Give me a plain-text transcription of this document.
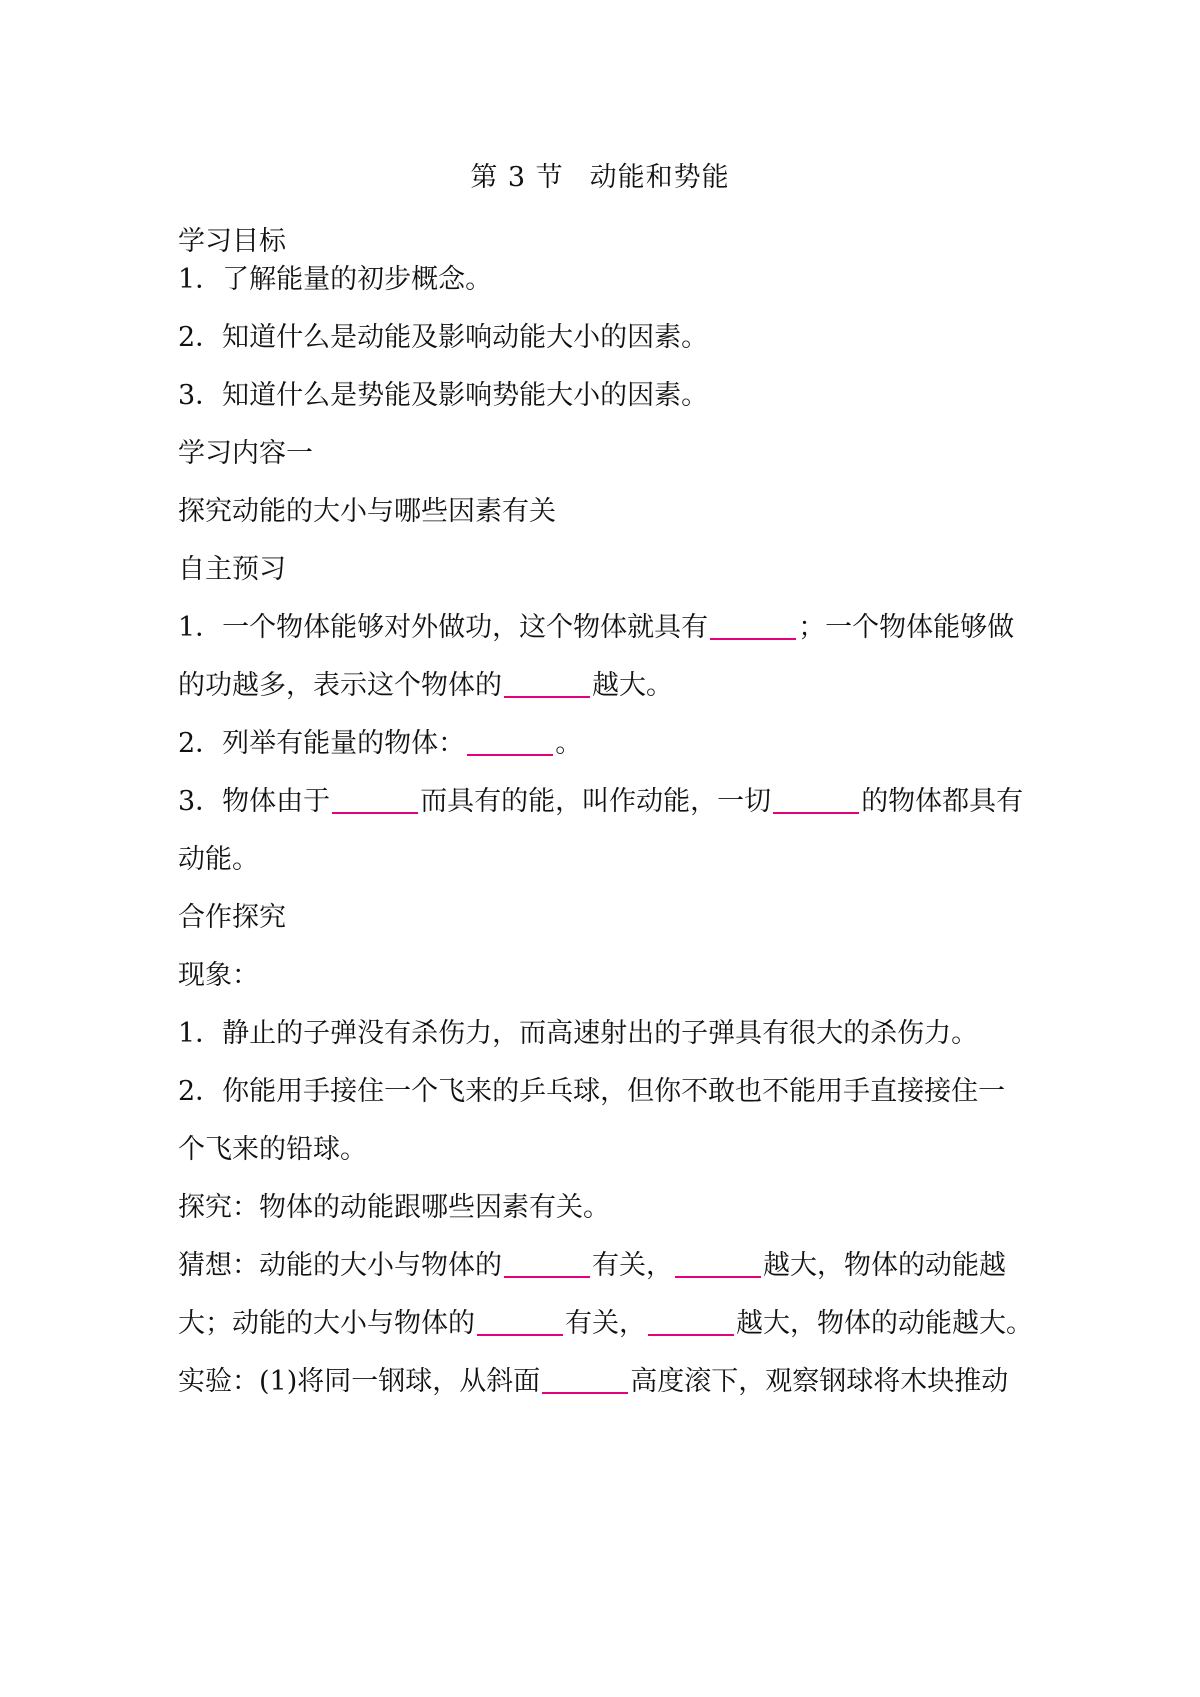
第 3 节 动能和势能
学习目标
1．了解能量的初步概念。
2．知道什么是动能及影响动能大小的因素。
3．知道什么是势能及影响势能大小的因素。
学习内容一
探究动能的大小与哪些因素有关
自主预习
1．一个物体能够对外做功，这个物体就具有	；一个物体能够做
的功越多，表示这个物体的	越大。
2．列举有能量的物体：	。
3．物体由于	而具有的能，叫作动能，一切	的物体都具有
动能。
合作探究
现象：
1．静止的子弹没有杀伤力，而高速射出的子弹具有很大的杀伤力。
2．你能用手接住一个飞来的乒乓球，但你不敢也不能用手直接接住一
个飞来的铅球。
探究：物体的动能跟哪些因素有关。
猜想：动能的大小与物体的	有关，	越大，物体的动能越
大；动能的大小与物体的	有关，	越大，物体的动能越大。
实验：(1)将同一钢球，从斜面	高度滚下，观察钢球将木块推动
